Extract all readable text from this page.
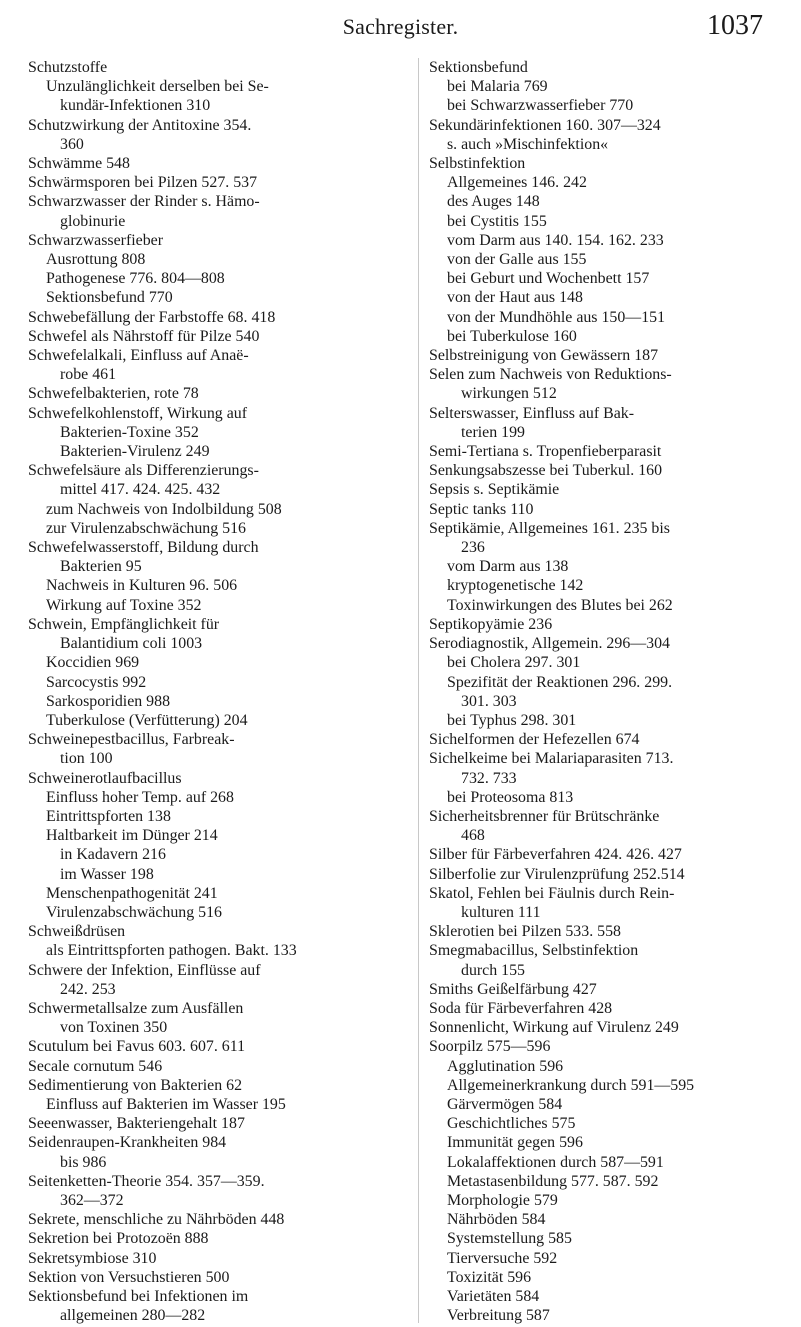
Sachregister.	1037
Schutzstoffe
Unzulänglichkeit derselben bei Se-
kundär-Infektionen 310
Schutzwirkung der Antitoxine 354.
360
Schwämme 548
Schwärmsporen bei Pilzen 527. 537
Schwarzwasser der Rinder s. Hämo-
globinurie
Schwarzwasserfieber
Ausrottung 808
Pathogenese 776. 804—808
Sektionsbefund 770
Schwebefällung der Farbstoffe 68. 418
Schwefel als Nährstoff für Pilze 540
Schwefelalkali, Einfluss auf Anaë-
robe 461
Schwefelbakterien, rote 78
Schwefelkohlenstoff, Wirkung auf
Bakterien-Toxine 352
Bakterien-Virulenz 249
Schwefelsäure als Differenzierungs-
mittel 417. 424. 425. 432
zum Nachweis von Indolbildung 508
zur Virulenzabschwächung 516
Schwefelwasserstoff, Bildung durch
Bakterien 95
Nachweis in Kulturen 96. 506
Wirkung auf Toxine 352
Schwein, Empfänglichkeit für
Balantidium coli 1003
Koccidien 969
Sarcocystis 992
Sarkosporidien 988
Tuberkulose (Verfütterung) 204
Schweinepestbacillus, Farbreak-
tion 100
Schweinerotlaufbacillus
Einfluss hoher Temp. auf 268
Eintrittspforten 138
Haltbarkeit im Dünger 214
in Kadavern 216
im Wasser 198
Menschenpathogenität 241
Virulenzabschwächung 516
Schweißdrüsen
als Eintrittspforten pathogen. Bakt. 133
Schwere der Infektion, Einflüsse auf
242. 253
Schwermetallsalze zum Ausfällen
von Toxinen 350
Scutulum bei Favus 603. 607. 611
Secale cornutum 546
Sedimentierung von Bakterien 62
Einfluss auf Bakterien im Wasser 195
Seeenwasser, Bakteriengehalt 187
Seidenraupen-Krankheiten 984
bis 986
Seitenketten-Theorie 354. 357—359.
362—372
Sekrete, menschliche zu Nährböden 448
Sekretion bei Protozoën 888
Sekretsymbiose 310
Sektion von Versuchstieren 500
Sektionsbefund bei Infektionen im
allgemeinen 280—282
Sektionsbefund
bei Malaria 769
bei Schwarzwasserfieber 770
Sekundärinfektionen 160. 307—324
s. auch »Mischinfektion«
Selbstinfektion
Allgemeines 146. 242
des Auges 148
bei Cystitis 155
vom Darm aus 140. 154. 162. 233
von der Galle aus 155
bei Geburt und Wochenbett 157
von der Haut aus 148
von der Mundhöhle aus 150—151
bei Tuberkulose 160
Selbstreinigung von Gewässern 187
Selen zum Nachweis von Reduktions-
wirkungen 512
Selterswasser, Einfluss auf Bak-
terien 199
Semi-Tertiana s. Tropenfieberparasit
Senkungsabszesse bei Tuberkul. 160
Sepsis s. Septikämie
Septic tanks 110
Septikämie, Allgemeines 161. 235 bis
236
vom Darm aus 138
kryptogenetische 142
Toxinwirkungen des Blutes bei 262
Septikopyämie 236
Serodiagnostik, Allgemein. 296—304
bei Cholera 297. 301
Spezifität der Reaktionen 296. 299.
301. 303
bei Typhus 298. 301
Sichelformen der Hefezellen 674
Sichelkeime bei Malariaparasiten 713.
732. 733
bei Proteosoma 813
Sicherheitsbrenner für Brütschränke
468
Silber für Färbeverfahren 424. 426. 427
Silberfolie zur Virulenzprüfung 252.514
Skatol, Fehlen bei Fäulnis durch Rein-
kulturen 111
Sklerotien bei Pilzen 533. 558
Smegmabacillus, Selbstinfektion
durch 155
Smiths Geißelfärbung 427
Soda für Färbeverfahren 428
Sonnenlicht, Wirkung auf Virulenz 249
Soorpilz 575—596
Agglutination 596
Allgemeinerkrankung durch 591—595
Gärvermögen 584
Geschichtliches 575
Immunität gegen 596
Lokalaffektionen durch 587—591
Metastasenbildung 577. 587. 592
Morphologie 579
Nährböden 584
Systemstellung 585
Tierversuche 592
Toxizität 596
Varietäten 584
Verbreitung 587
